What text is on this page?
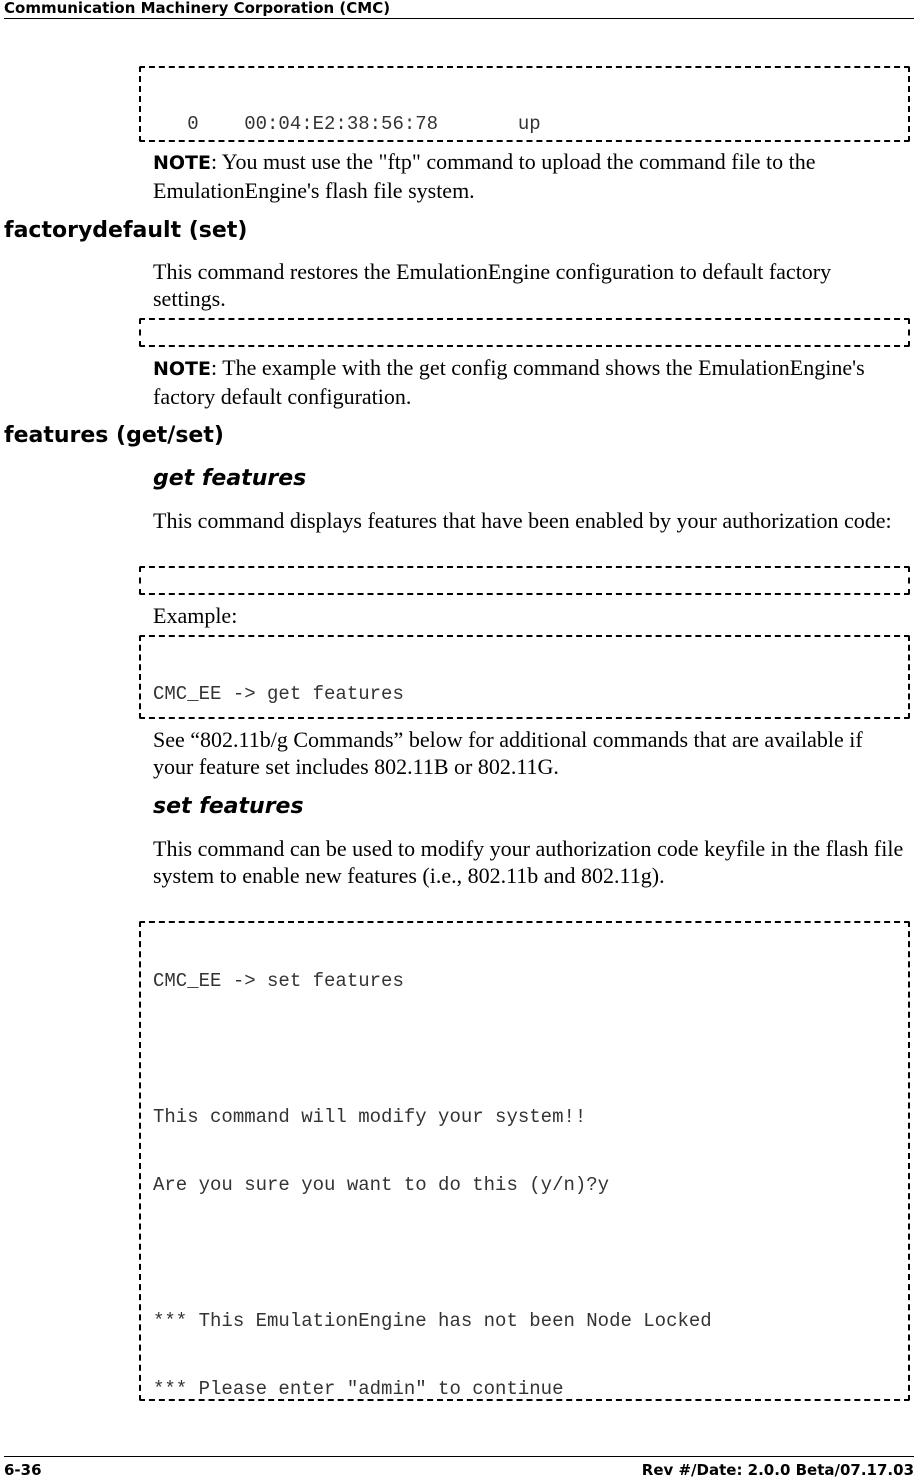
Communication Machinery Corporation (CMC)

0    00:04:E2:38:56:78       up

NOTE: You must use the "ftp" command to upload the command file to the EmulationEngine's flash file system.
factorydefault (set)
This command restores the EmulationEngine configuration to default factory settings.

NOTE: The example with the get config command shows the EmulationEngine's factory default configuration.
features (get/set)
get features
This command displays features that have been enabled by your authorization code:

Example:

CMC_EE -> get features

See “802.11b/g Commands” below for additional commands that are available if your feature set includes 802.11B or 802.11G.
set features
This command can be used to modify your authorization code keyfile in the flash file system to enable new features (i.e., 802.11b and 802.11g).

CMC_EE -> set features

This command will modify your system!!

Are you sure you want to do this (y/n)?y

*** This EmulationEngine has not been Node Locked

*** Please enter "admin" to continue

6-36	Rev #/Date: 2.0.0 Beta/07.17.03
